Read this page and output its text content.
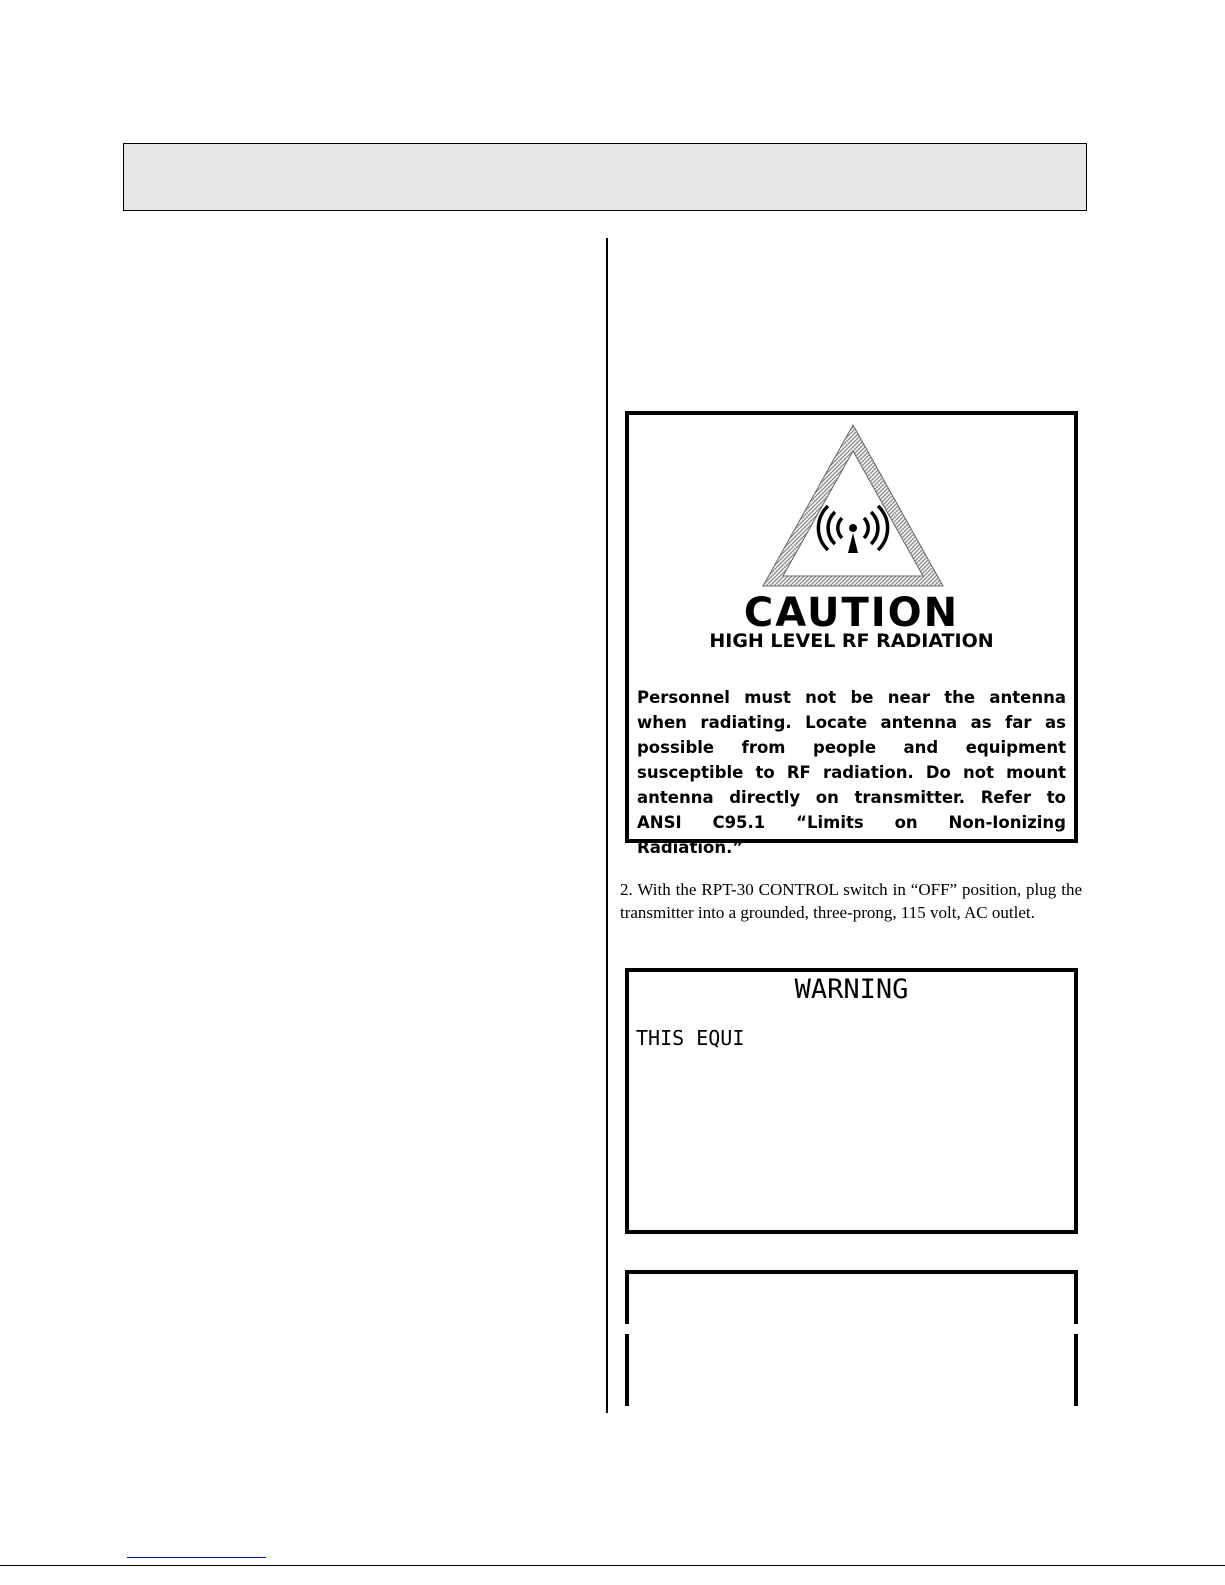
CAUTION
HIGH LEVEL RF RADIATION
Personnel must not be near the antenna when radiating. Locate antenna as far as possible from people and equipment susceptible to RF radiation. Do not mount antenna directly on transmitter. Refer to ANSI C95.1 “Limits on Non-Ionizing Radiation.”
2. With the RPT-30 CONTROL switch in “OFF” position, plug the transmitter into a grounded, three-prong, 115 volt, AC outlet.
WARNING
THIS EQUI
